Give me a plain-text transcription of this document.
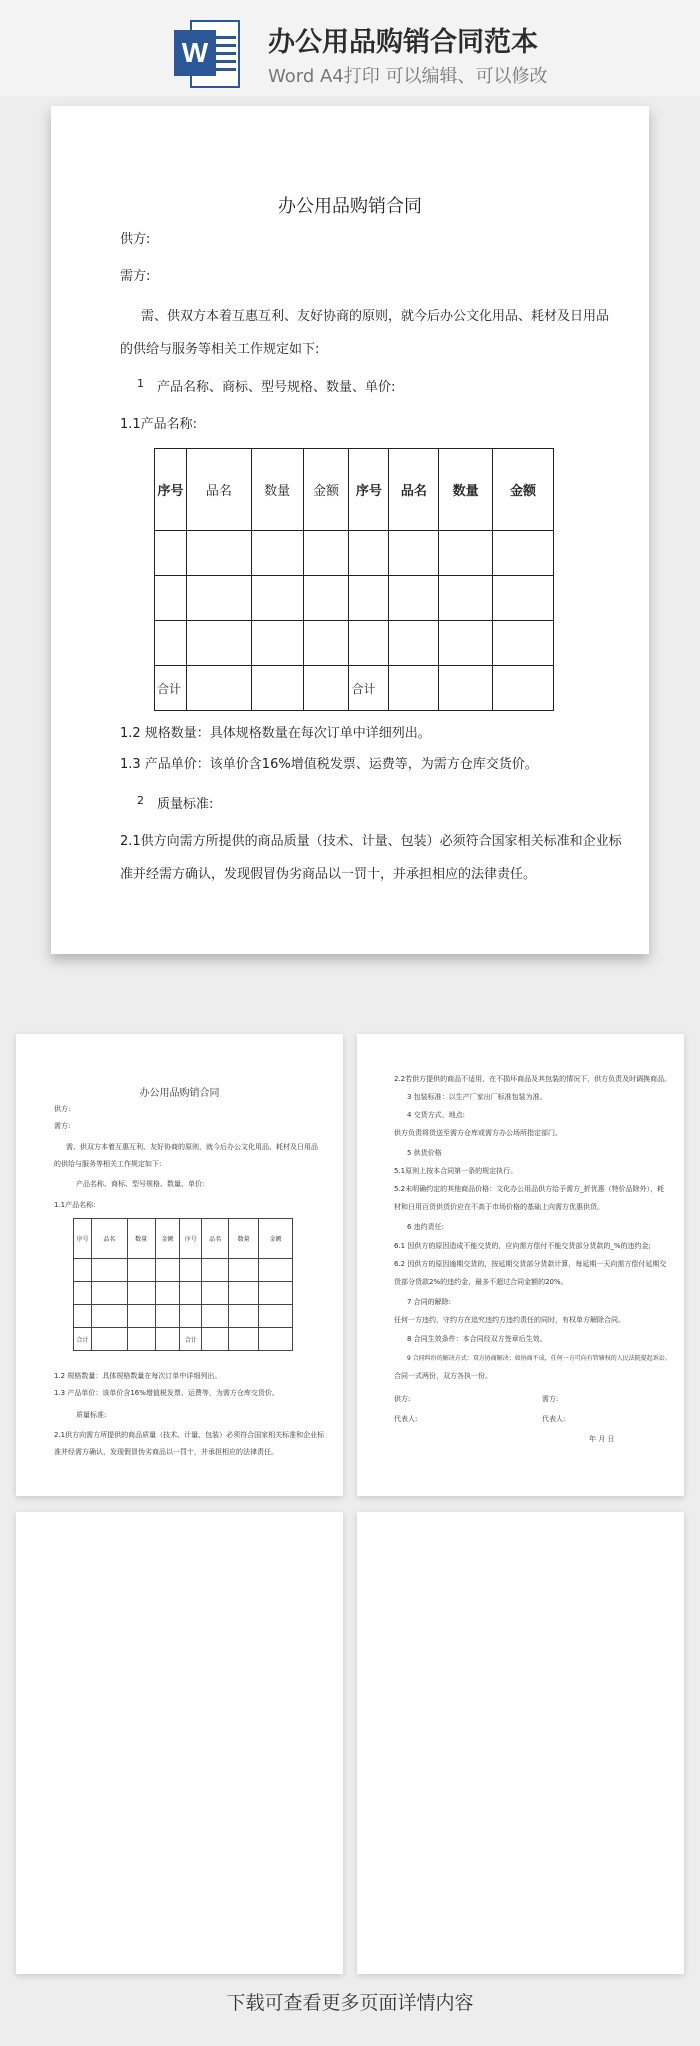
W 办公用品购销合同范本
Word A4打印 可以编辑、可以修改
办公用品购销合同
供方:
需方:
需、供双方本着互惠互利、友好协商的原则，就今后办公文化用品、耗材及日用品
的供给与服务等相关工作规定如下:
1 产品名称、商标、型号规格、数量、单价:
1.1产品名称:
序号	品名	数量	金额	序号	品名	数量	金额

合计				合计			
1.2 规格数量：具体规格数量在每次订单中详细列出。
1.3 产品单价：该单价含16%增值税发票、运费等，为需方仓库交货价。
2 质量标准:
2.1供方向需方所提供的商品质量（技术、计量、包装）必须符合国家相关标准和企业标
准并经需方确认，发现假冒伪劣商品以一罚十，并承担相应的法律责任。
办公用品购销合同
供方:
需方:
需、供双方本着互惠互利、友好协商的原则，就今后办公文化用品、耗材及日用品
的供给与服务等相关工作规定如下:
产品名称、商标、型号规格、数量、单价:
1.1产品名称:
序号	品名	数量	金额	序号	品名	数量	金额

合计				合计			
1.2 规格数量：具体规格数量在每次订单中详细列出。
1.3 产品单价：该单价含16%增值税发票、运费等，为需方仓库交货价。
质量标准:
2.1供方向需方所提供的商品质量（技术、计量、包装）必须符合国家相关标准和企业标
准并经需方确认，发现假冒伪劣商品以一罚十，并承担相应的法律责任。
2.2若供方提供的商品不适用，在不损坏商品及其包装的情况下，供方负责及时调换商品。
3 包装标准：以生产厂家出厂标准包装为准。
4 交货方式、地点:
供方负责将货送至需方仓库或需方办公场所指定部门。
5 供货价格
5.1原则上按本合同第一条的规定执行。
5.2未明确约定的其他商品价格：文化办公用品供方给予需方_折优惠（特价品除外），耗
材和日用百货供货价应在不高于市场价格的基础上向需方优惠供货。
6 违约责任:
6.1 因供方的原因造成不能交货的，应向需方偿付不能交货部分货款的_%的违约金;
6.2 因供方的原因逾期交货的，按延期交货部分货款计算，每延期一天向需方偿付延期交
货部分货款2%的违约金，最多不超过合同金额的20%。
7 合同的解除:
任何一方违约，守约方在追究违约方违约责任的同时，有权单方解除合同。
8 合同生效条件：本合同经双方签章后生效。
9 合同纠纷的解决方式：双方协商解决；如协商不成，任何一方可向有管辖权的人民法院提起诉讼。
合同一式两份，双方各执一份。
供方:	需方:
代表人:	代表人:
年 月 日
下载可查看更多页面详情内容
